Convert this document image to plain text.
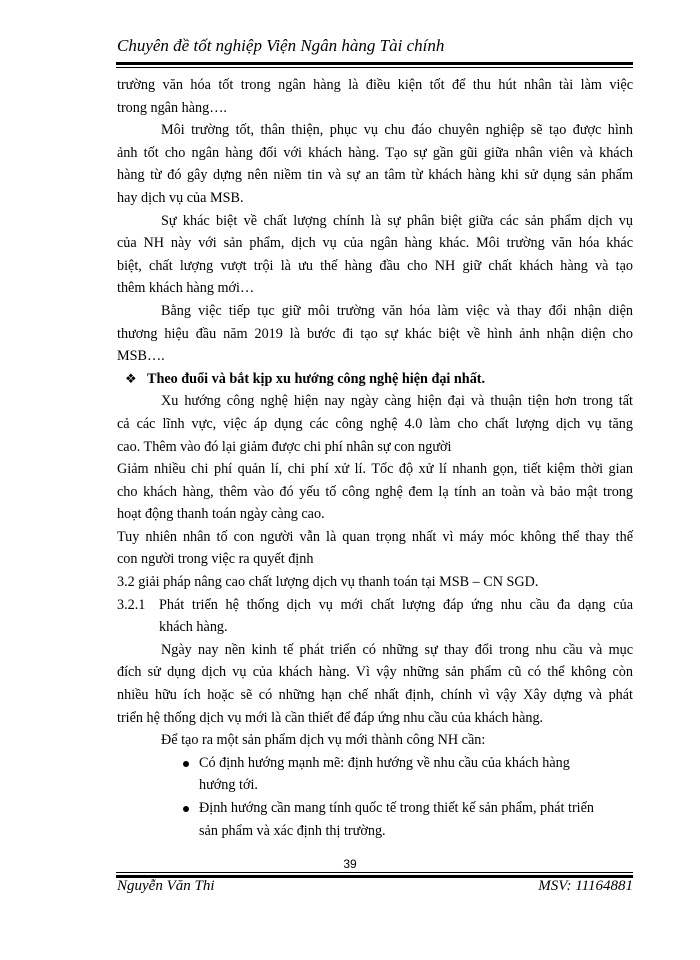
Chuyên đề tốt nghiệp Viện Ngân hàng Tài chính
trường văn hóa tốt trong ngân hàng là điều kiện tốt để thu hút nhân tài làm việc
trong ngân hàng….
Môi trường tốt, thân thiện, phục vụ chu đáo chuyên nghiệp sẽ tạo được hình
ảnh tốt cho ngân hàng đối với khách hàng. Tạo sự gần gũi giữa nhân viên và khách
hàng từ đó gây dựng nên niềm tin và sự an tâm từ khách hàng khi sử dụng sản phẩm
hay dịch vụ của MSB.
Sự khác biệt về chất lượng chính là sự phân biệt giữa các sản phẩm dịch vụ
của NH này với sản phẩm, dịch vụ của ngân hàng khác. Môi trường văn hóa khác
biệt, chất lượng vượt trội là ưu thế hàng đầu cho NH giữ chất khách hàng và tạo
thêm khách hàng mới…
Bằng việc tiếp tục giữ môi trường văn hóa làm việc và thay đổi nhận diện
thương hiệu đầu năm 2019 là bước đi tạo sự khác biệt về hình ảnh nhận diện cho
MSB….
❖ Theo đuổi và bắt kịp xu hướng công nghệ hiện đại nhất.
Xu hướng công nghệ hiện nay ngày càng hiện đại và thuận tiện hơn trong tất
cả các lĩnh vực, việc áp dụng các công nghệ 4.0 làm cho chất lượng dịch vụ tăng
cao. Thêm vào đó lại giảm được chi phí nhân sự con người
Giảm nhiều chi phí quản lí, chi phí xử lí. Tốc độ xử lí nhanh gọn, tiết kiệm thời gian
cho khách hàng, thêm vào đó yếu tố công nghệ đem lạ tính an toàn và bảo mật trong
hoạt động thanh toán ngày càng cao.
Tuy nhiên nhân tố con người vẫn là quan trọng nhất vì máy móc không thể thay thế
con người trong việc ra quyết định
3.2 giải pháp nâng cao chất lượng dịch vụ thanh toán tại MSB – CN SGD.
3.2.1 Phát triển hệ thống dịch vụ mới chất lượng đáp ứng nhu cầu đa dạng của
khách hàng.
Ngày nay nền kinh tế phát triển có những sự thay đổi trong nhu cầu và mục
đích sử dụng dịch vụ của khách hàng. Vì vậy những sản phẩm cũ có thể không còn
nhiều hữu ích hoặc sẽ có những hạn chế nhất định, chính vì vậy Xây dựng và phát
triển hệ thống dịch vụ mới là cần thiết để đáp ứng nhu cầu của khách hàng.
Để tạo ra một sản phẩm dịch vụ mới thành công NH cần:
Có định hướng mạnh mẽ: định hướng về nhu cầu của khách hàng
hướng tới.
Định hướng cần mang tính quốc tế trong thiết kế sản phẩm, phát triển
sản phẩm và xác định thị trường.
39
Nguyễn Văn Thi	MSV: 11164881
